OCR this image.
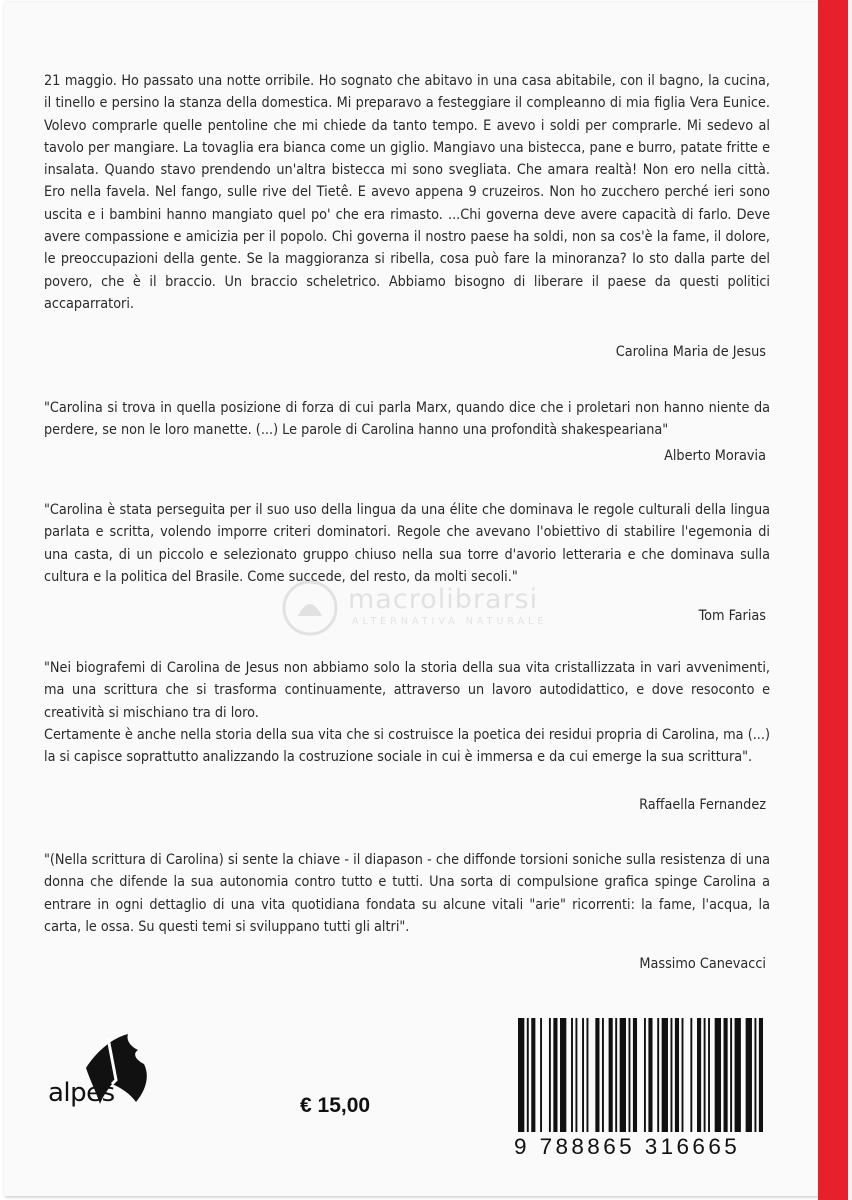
21 maggio. Ho passato una notte orribile. Ho sognato che abitavo in una casa abitabile, con il bagno, la cucina, il tinello e persino la stanza della domestica. Mi preparavo a festeggiare il compleanno di mia figlia Vera Eunice. Volevo comprarle quelle pentoline che mi chiede da tanto tempo. E avevo i soldi per comprarle. Mi sedevo al tavolo per mangiare. La tovaglia era bianca come un giglio. Mangiavo una bistecca, pane e burro, patate fritte e insalata. Quando stavo prendendo un'altra bistecca mi sono svegliata. Che amara realtà! Non ero nella città. Ero nella favela. Nel fango, sulle rive del Tietê. E avevo appena 9 cruzeiros. Non ho zucchero perché ieri sono uscita e i bambini hanno mangiato quel po' che era rimasto. ...Chi governa deve avere capacità di farlo. Deve avere compassione e amicizia per il popolo. Chi governa il nostro paese ha soldi, non sa cos'è la fame, il dolore, le preoccupazioni della gente. Se la maggioranza si ribella, cosa può fare la minoranza? Io sto dalla parte del povero, che è il braccio. Un braccio scheletrico. Abbiamo bisogno di liberare il paese da questi politici accaparratori.

Carolina Maria de Jesus

"Carolina si trova in quella posizione di forza di cui parla Marx, quando dice che i proletari non hanno niente da perdere, se non le loro manette. (...) Le parole di Carolina hanno una profondità shakespeariana"

Alberto Moravia

"Carolina è stata perseguita per il suo uso della lingua da una élite che dominava le regole culturali della lingua parlata e scritta, volendo imporre criteri dominatori. Regole che avevano l'obiettivo di stabilire l'egemonia di una casta, di un piccolo e selezionato gruppo chiuso nella sua torre d'avorio letteraria e che dominava sulla cultura e la politica del Brasile. Come succede, del resto, da molti secoli."

Tom Farias
macrolibrarsi
ALTERNATIVA NATURALE

"Nei biografemi di Carolina de Jesus non abbiamo solo la storia della sua vita cristallizzata in vari avvenimenti, ma una scrittura che si trasforma continuamente, attraverso un lavoro autodidattico, e dove resoconto e creatività si mischiano tra di loro.

Certamente è anche nella storia della sua vita che si costruisce la poetica dei residui propria di Carolina, ma (...) la si capisce soprattutto analizzando la costruzione sociale in cui è immersa e da cui emerge la sua scrittura".

Raffaella Fernandez

"(Nella scrittura di Carolina) si sente la chiave - il diapason - che diffonde torsioni soniche sulla resistenza di una donna che difende la sua autonomia contro tutto e tutti. Una sorta di compulsione grafica spinge Carolina a entrare in ogni dettaglio di una vita quotidiana fondata su alcune vitali "arie" ricorrenti: la fame, l'acqua, la carta, le ossa. Su questi temi si sviluppano tutti gli altri".

Massimo Canevacci
alpes	€ 15,00
9 788865 316665
